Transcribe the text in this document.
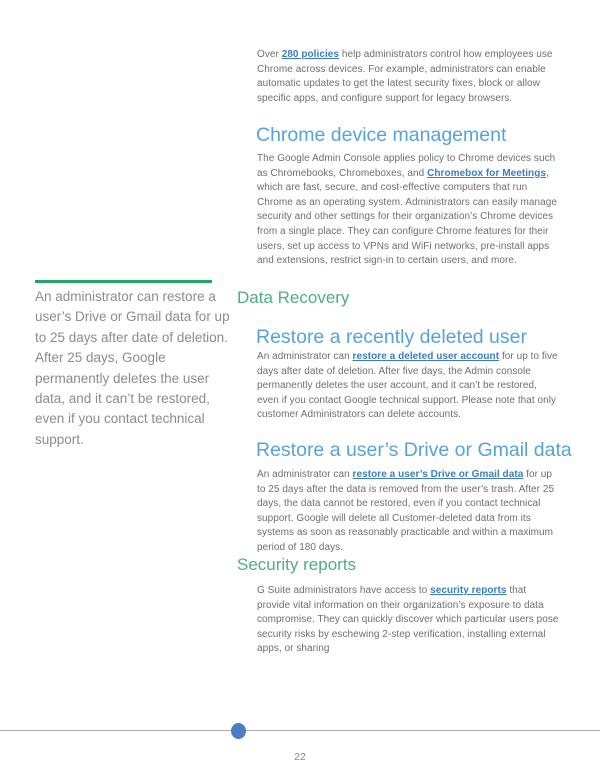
An administrator can restore a user’s Drive or Gmail data for up to 25 days after date of deletion. After 25 days, Google permanently deletes the user data, and it can’t be restored, even if you contact technical support.

Over 280 policies help administrators control how employees use Chrome across devices. For example, administrators can enable automatic updates to get the latest security fixes, block or allow specific apps, and configure support for legacy browsers.

Chrome device management

The Google Admin Console applies policy to Chrome devices such as Chromebooks, Chromeboxes, and Chromebox for Meetings, which are fast, secure, and cost-effective computers that run Chrome as an operating system. Administrators can easily manage security and other settings for their organization’s Chrome devices from a single place. They can configure Chrome features for their users, set up access to VPNs and WiFi networks, pre-install apps and extensions, restrict sign-in to certain users, and more.

Data Recovery
Restore a recently deleted user

An administrator can restore a deleted user account for up to five days after date of deletion. After five days, the Admin console permanently deletes the user account, and it can’t be restored, even if you contact Google technical support. Please note that only customer Administrators can delete accounts.

Restore a user’s Drive or Gmail data

An administrator can restore a user’s Drive or Gmail data for up to 25 days after the data is removed from the user’s trash. After 25 days, the data cannot be restored, even if you contact technical support. Google will delete all Customer-deleted data from its systems as soon as reasonably practicable and within a maximum period of 180 days.

Security reports

G Suite administrators have access to security reports that provide vital information on their organization’s exposure to data compromise. They can quickly discover which particular users pose security risks by eschewing 2-step verification, installing external apps, or sharing

22
